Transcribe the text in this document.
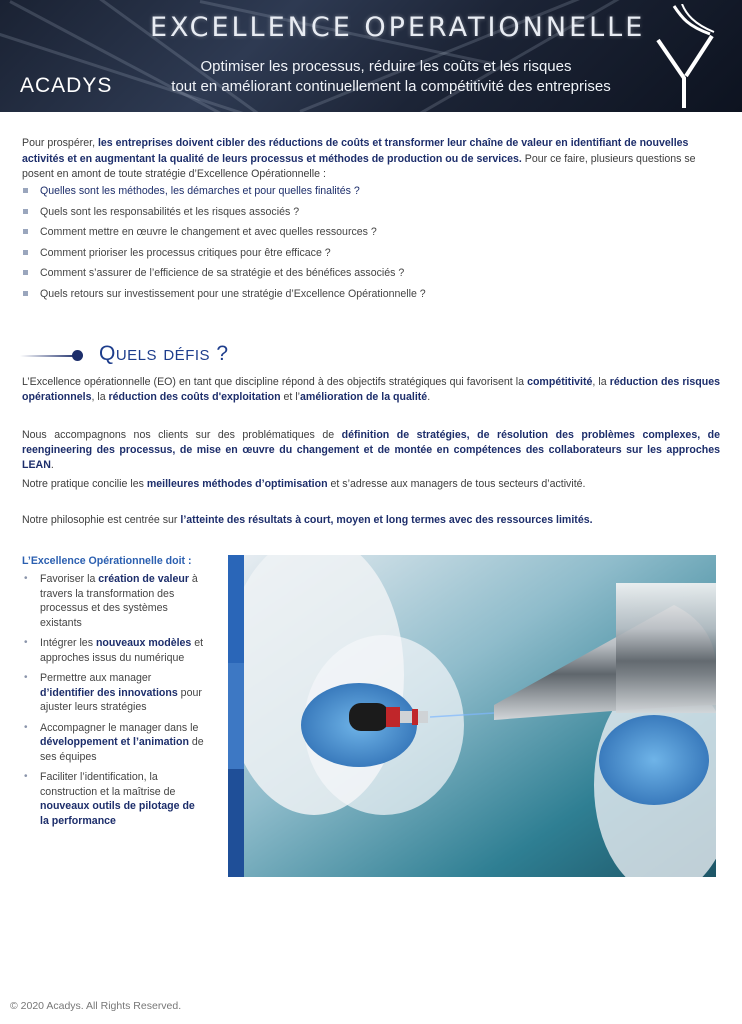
EXCELLENCE OPERATIONNELLE
Optimiser les processus, réduire les coûts et les risques
tout en améliorant continuellement la compétitivité des entreprises
ACADYS

Pour prospérer, les entreprises doivent cibler des réductions de coûts et transformer leur chaîne de valeur en identifiant de nouvelles activités et en augmentant la qualité de leurs processus et méthodes de production ou de services. Pour ce faire, plusieurs questions se posent en amont de toute stratégie d’Excellence Opérationnelle :

Quelles sont les méthodes, les démarches et pour quelles finalités ?
Quels sont les responsabilités et les risques associés ?
Comment mettre en œuvre le changement et avec quelles ressources ?
Comment prioriser les processus critiques pour être efficace ?
Comment s’assurer de l’efficience de sa stratégie et des bénéfices associés ?
Quels retours sur investissement pour une stratégie d’Excellence Opérationnelle ?
Quels défis ?

L’Excellence opérationnelle (EO) en tant que discipline répond à des objectifs stratégiques qui favorisent la compétitivité, la réduction des risques opérationnels, la réduction des coûts d'exploitation et l’amélioration de la qualité.

Nous accompagnons nos clients sur des problématiques de définition de stratégies, de résolution des problèmes complexes, de reengineering des processus, de mise en œuvre du changement et de montée en compétences des collaborateurs sur les approches LEAN.

Notre pratique concilie les meilleures méthodes d’optimisation et s’adresse aux managers de tous secteurs d’activité.

Notre philosophie est centrée sur l’atteinte des résultats à court, moyen et long termes avec des ressources limités.

L’Excellence Opérationnelle doit :
• Favoriser la création de valeur à travers la transformation des processus et des systèmes existants
• Intégrer les nouveaux modèles et approches issus du numérique
• Permettre aux manager d’identifier des innovations pour ajuster leurs stratégies
• Accompagner le manager dans le développement et l’animation de ses équipes
• Faciliter l’identification, la construction et la maîtrise de nouveaux outils de pilotage de la performance
© 2020 Acadys. All Rights Reserved.
